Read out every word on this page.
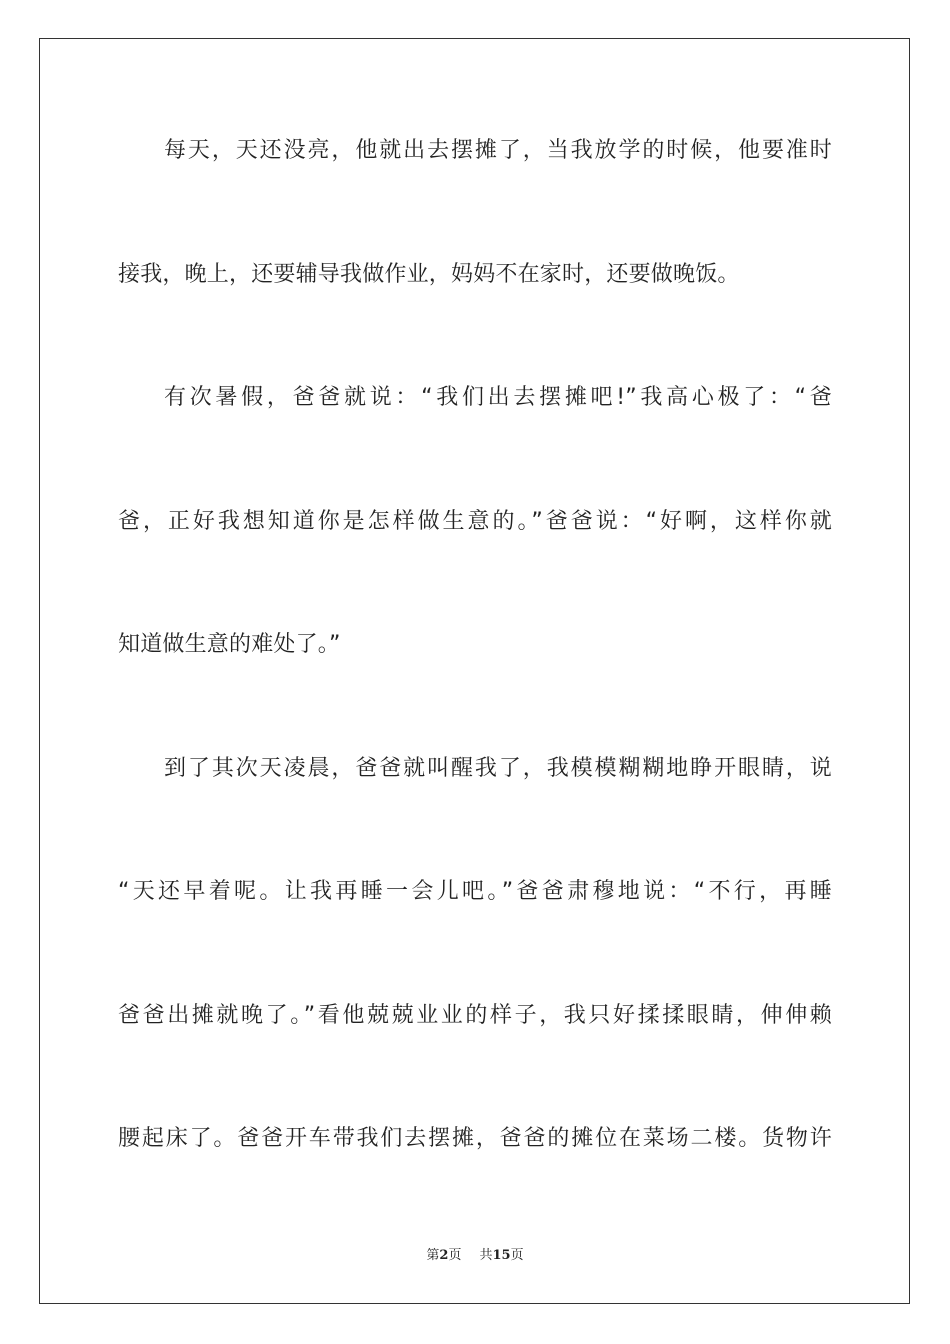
每天，天还没亮，他就出去摆摊了，当我放学的时候，他要准时
接我，晚上，还要辅导我做作业，妈妈不在家时，还要做晚饭。
有次暑假，爸爸就说：“我们出去摆摊吧!”我高心极了：“爸
爸，正好我想知道你是怎样做生意的。”爸爸说：“好啊，这样你就
知道做生意的难处了。”
到了其次天凌晨，爸爸就叫醒我了，我模模糊糊地睁开眼睛，说
“天还早着呢。让我再睡一会儿吧。”爸爸肃穆地说：“不行，再睡
爸爸出摊就晚了。”看他兢兢业业的样子，我只好揉揉眼睛，伸伸赖
腰起床了。爸爸开车带我们去摆摊，爸爸的摊位在菜场二楼。货物许
第2页 共15页
